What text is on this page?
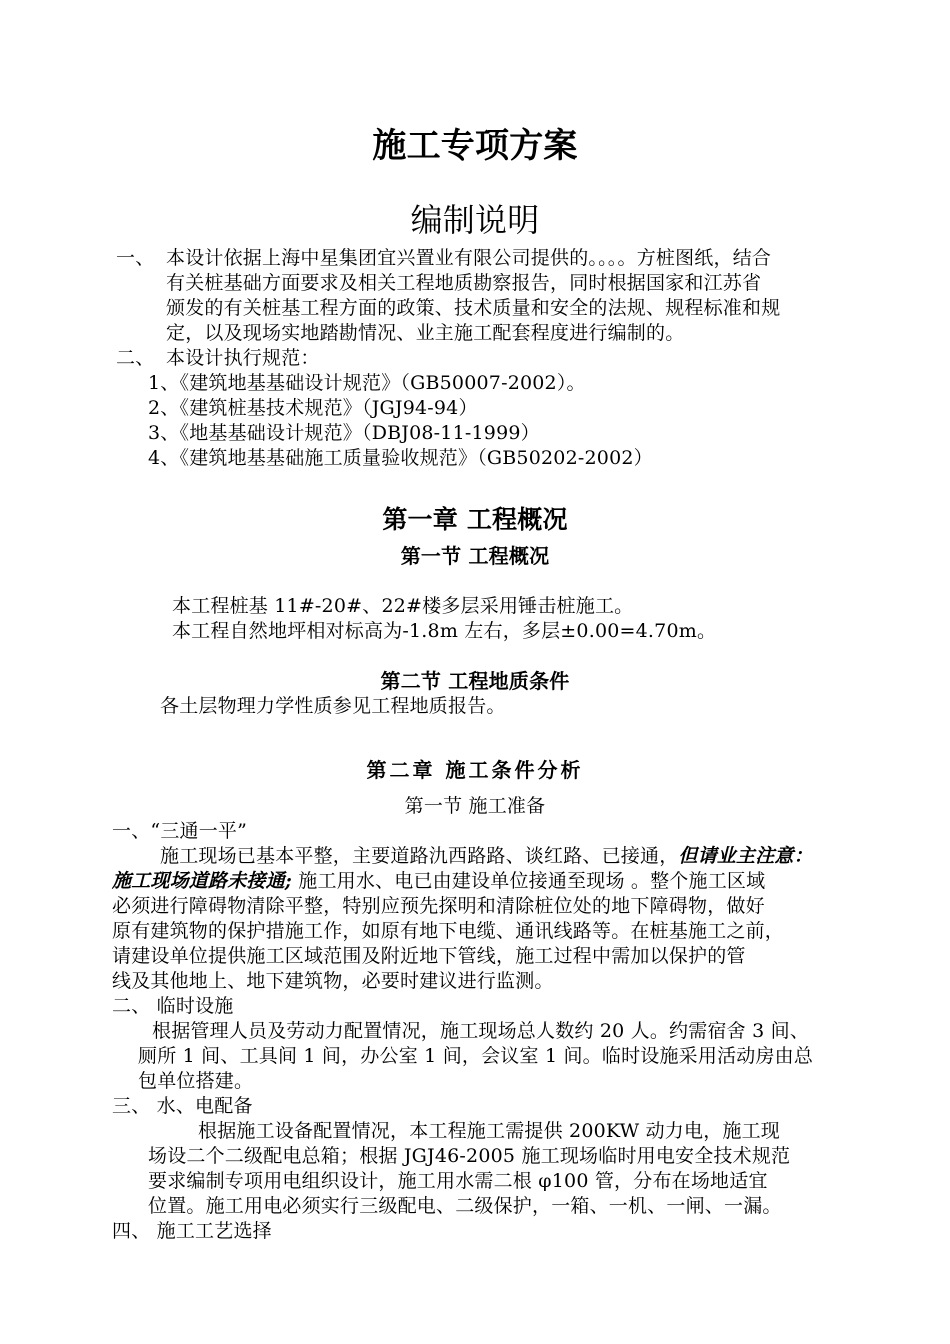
施工专项方案
编制说明
一、 本设计依据上海中星集团宜兴置业有限公司提供的。。。。方桩图纸，结合
有关桩基础方面要求及相关工程地质勘察报告，同时根据国家和江苏省
颁发的有关桩基工程方面的政策、技术质量和安全的法规、规程标准和规
定，以及现场实地踏勘情况、业主施工配套程度进行编制的。
二、 本设计执行规范：
1、《建筑地基基础设计规范》（GB50007-2002）。
2、《建筑桩基技术规范》（JGJ94-94）
3、《地基基础设计规范》（DBJ08-11-1999）
4、《建筑地基基础施工质量验收规范》（GB50202-2002）
第一章 工程概况
第一节 工程概况
本工程桩基 11#-20#、22#楼多层采用锤击桩施工。
本工程自然地坪相对标高为-1.8m 左右，多层±0.00=4.70m。
第二节 工程地质条件
各土层物理力学性质参见工程地质报告。
第二章 施工条件分析
第一节 施工准备
一、“三通一平”
施工现场已基本平整，主要道路氿西路路、谈红路、已接通，但请业主注意：
施工现场道路未接通; 施工用水、电已由建设单位接通至现场 。整个施工区域
必须进行障碍物清除平整，特别应预先探明和清除桩位处的地下障碍物，做好
原有建筑物的保护措施工作，如原有地下电缆、通讯线路等。在桩基施工之前，
请建设单位提供施工区域范围及附近地下管线，施工过程中需加以保护的管
线及其他地上、地下建筑物，必要时建议进行监测。
二、 临时设施
根据管理人员及劳动力配置情况，施工现场总人数约 20 人。约需宿舍 3 间、
厕所 1 间、工具间 1 间，办公室 1 间，会议室 1 间。临时设施采用活动房由总
包单位搭建。
三、 水、电配备
根据施工设备配置情况，本工程施工需提供 200KW 动力电，施工现
场设二个二级配电总箱；根据 JGJ46-2005 施工现场临时用电安全技术规范
要求编制专项用电组织设计，施工用水需二根 φ100 管，分布在场地适宜
位置。施工用电必须实行三级配电、二级保护，一箱、一机、一闸、一漏。
四、 施工工艺选择
